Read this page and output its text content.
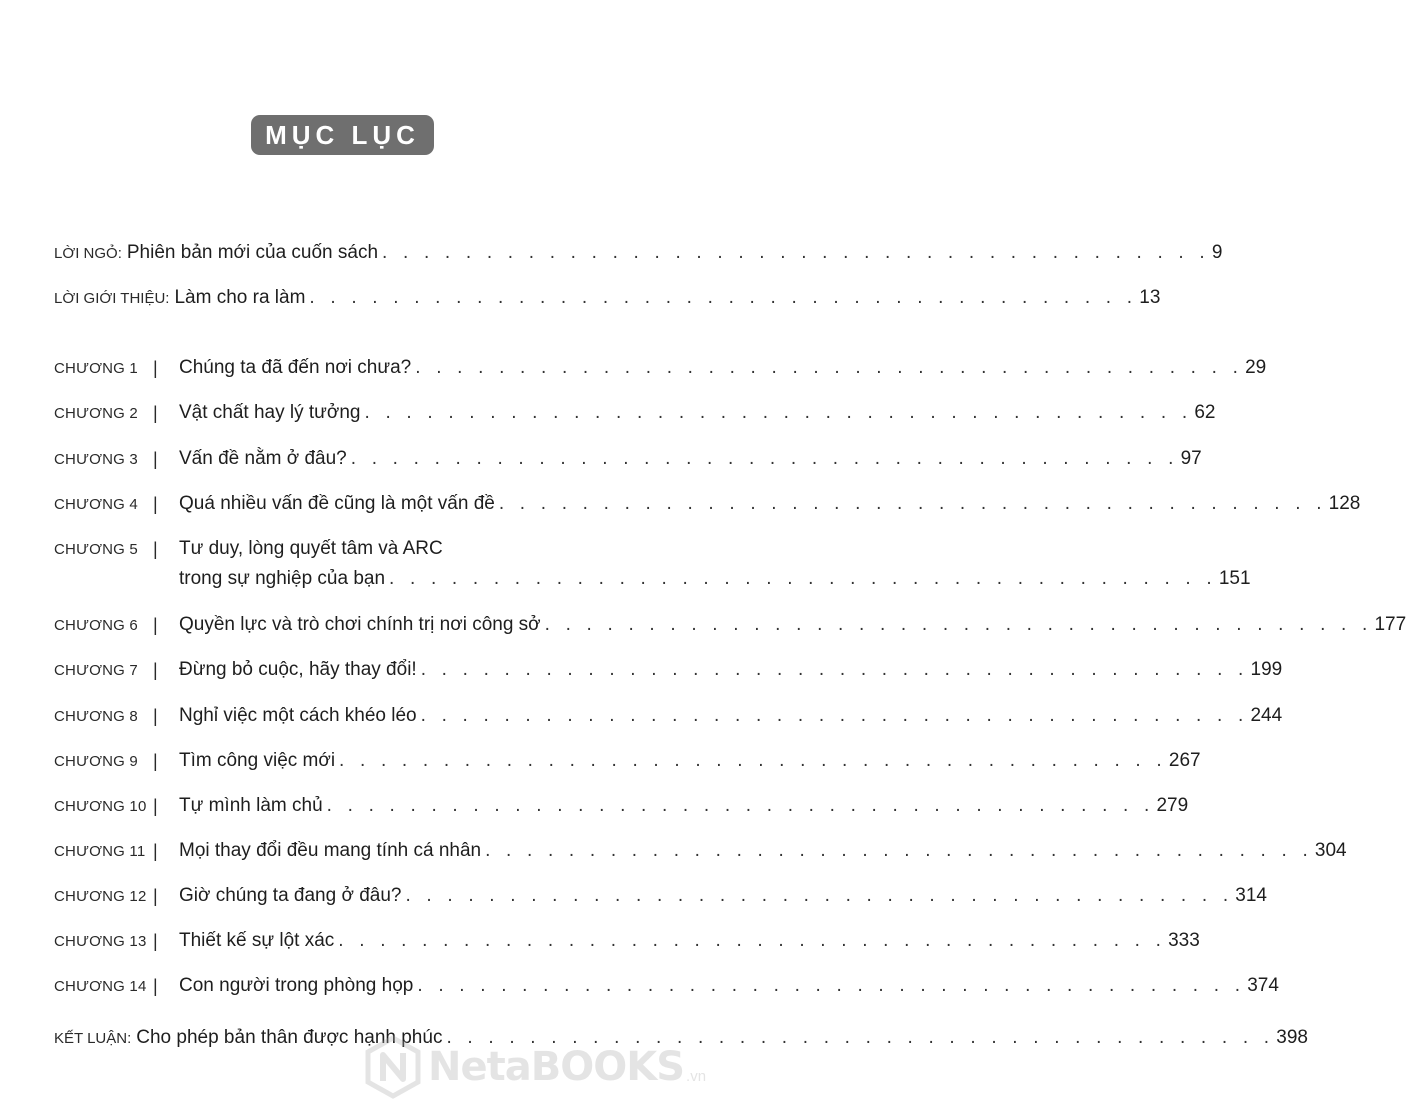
MỤC LỤC
LỜI NGỎ: Phiên bản mới của cuốn sách . . . . . . . . . . . . . . . . . . . . . . . . . . . . . . . . . . . . . . . . 9
LỜI GIỚI THIỆU: Làm cho ra làm . . . . . . . . . . . . . . . . . . . . . . . . . . . . . . . . . . . . . . . . 13
CHƯƠNG 1 | Chúng ta đã đến nơi chưa? . . . . . . . . . . . . . . . . . . . . . . . . . . . . . . . . . . . . . . . . 29
CHƯƠNG 2 | Vật chất hay lý tưởng . . . . . . . . . . . . . . . . . . . . . . . . . . . . . . . . . . . . . . . . 62
CHƯƠNG 3 | Vấn đề nằm ở đâu? . . . . . . . . . . . . . . . . . . . . . . . . . . . . . . . . . . . . . . . . 97
CHƯƠNG 4 | Quá nhiều vấn đề cũng là một vấn đề . . . . . . . . . . . . . . . . . . . . . . . . . . . . . . . . . . . . . . . . 128
CHƯƠNG 5 | Tư duy, lòng quyết tâm và ARC
trong sự nghiệp của bạn . . . . . . . . . . . . . . . . . . . . . . . . . . . . . . . . . . . . . . . . 151
CHƯƠNG 6 | Quyền lực và trò chơi chính trị nơi công sở . . . . . . . . . . . . . . . . . . . . . . . . . . . . . . . . . . . . . . . . 177
CHƯƠNG 7 | Đừng bỏ cuộc, hãy thay đổi! . . . . . . . . . . . . . . . . . . . . . . . . . . . . . . . . . . . . . . . . 199
CHƯƠNG 8 | Nghỉ việc một cách khéo léo . . . . . . . . . . . . . . . . . . . . . . . . . . . . . . . . . . . . . . . . 244
CHƯƠNG 9 | Tìm công việc mới . . . . . . . . . . . . . . . . . . . . . . . . . . . . . . . . . . . . . . . . 267
CHƯƠNG 10 | Tự mình làm chủ . . . . . . . . . . . . . . . . . . . . . . . . . . . . . . . . . . . . . . . . 279
CHƯƠNG 11 | Mọi thay đổi đều mang tính cá nhân . . . . . . . . . . . . . . . . . . . . . . . . . . . . . . . . . . . . . . . . 304
CHƯƠNG 12 | Giờ chúng ta đang ở đâu? . . . . . . . . . . . . . . . . . . . . . . . . . . . . . . . . . . . . . . . . 314
CHƯƠNG 13 | Thiết kế sự lột xác . . . . . . . . . . . . . . . . . . . . . . . . . . . . . . . . . . . . . . . . 333
CHƯƠNG 14 | Con người trong phòng họp . . . . . . . . . . . . . . . . . . . . . . . . . . . . . . . . . . . . . . . . 374
KẾT LUẬN: Cho phép bản thân được hạnh phúc . . . . . . . . . . . . . . . . . . . . . . . . . . . . . . . . . . . . . . . . 398
NetaBOOKS .vn
